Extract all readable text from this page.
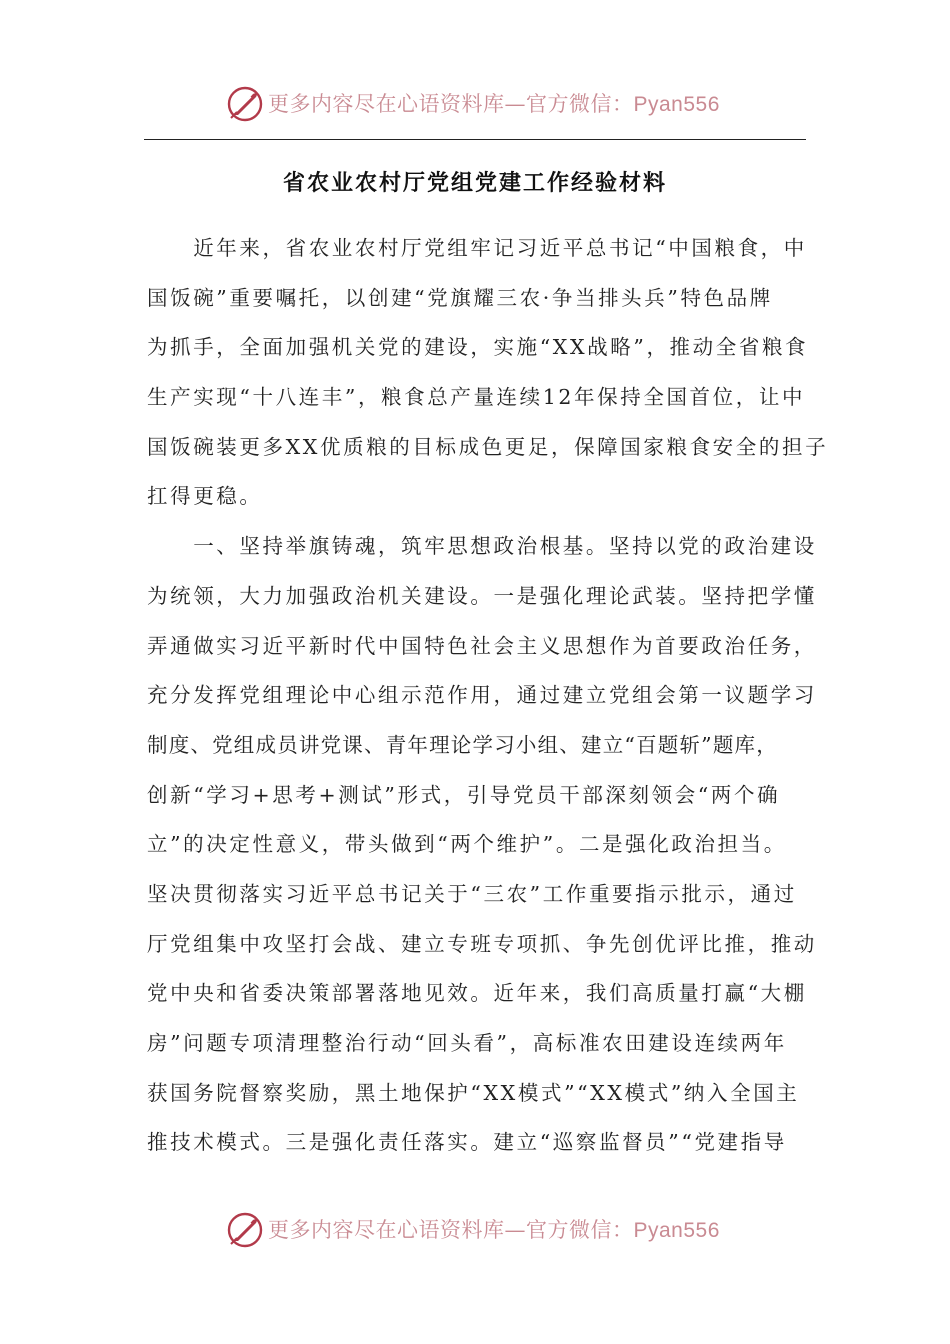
更多内容尽在心语资料库—官方微信：Pyan556
省农业农村厅党组党建工作经验材料
　　近年来，省农业农村厅党组牢记习近平总书记“中国粮食，中
国饭碗”重要嘱托，以创建“党旗耀三农·争当排头兵”特色品牌
为抓手，全面加强机关党的建设，实施“XX战略”，推动全省粮食
生产实现“十八连丰”，粮食总产量连续12年保持全国首位，让中
国饭碗装更多XX优质粮的目标成色更足，保障国家粮食安全的担子
扛得更稳。
　　一、坚持举旗铸魂，筑牢思想政治根基。坚持以党的政治建设
为统领，大力加强政治机关建设。一是强化理论武装。坚持把学懂
弄通做实习近平新时代中国特色社会主义思想作为首要政治任务，
充分发挥党组理论中心组示范作用，通过建立党组会第一议题学习
制度、党组成员讲党课、青年理论学习小组、建立“百题斩”题库，
创新“学习+思考+测试”形式，引导党员干部深刻领会“两个确
立”的决定性意义，带头做到“两个维护”。二是强化政治担当。
坚决贯彻落实习近平总书记关于“三农”工作重要指示批示，通过
厅党组集中攻坚打会战、建立专班专项抓、争先创优评比推，推动
党中央和省委决策部署落地见效。近年来，我们高质量打赢“大棚
房”问题专项清理整治行动“回头看”，高标准农田建设连续两年
获国务院督察奖励，黑土地保护“XX模式”“XX模式”纳入全国主
推技术模式。三是强化责任落实。建立“巡察监督员”“党建指导
更多内容尽在心语资料库—官方微信：Pyan556
